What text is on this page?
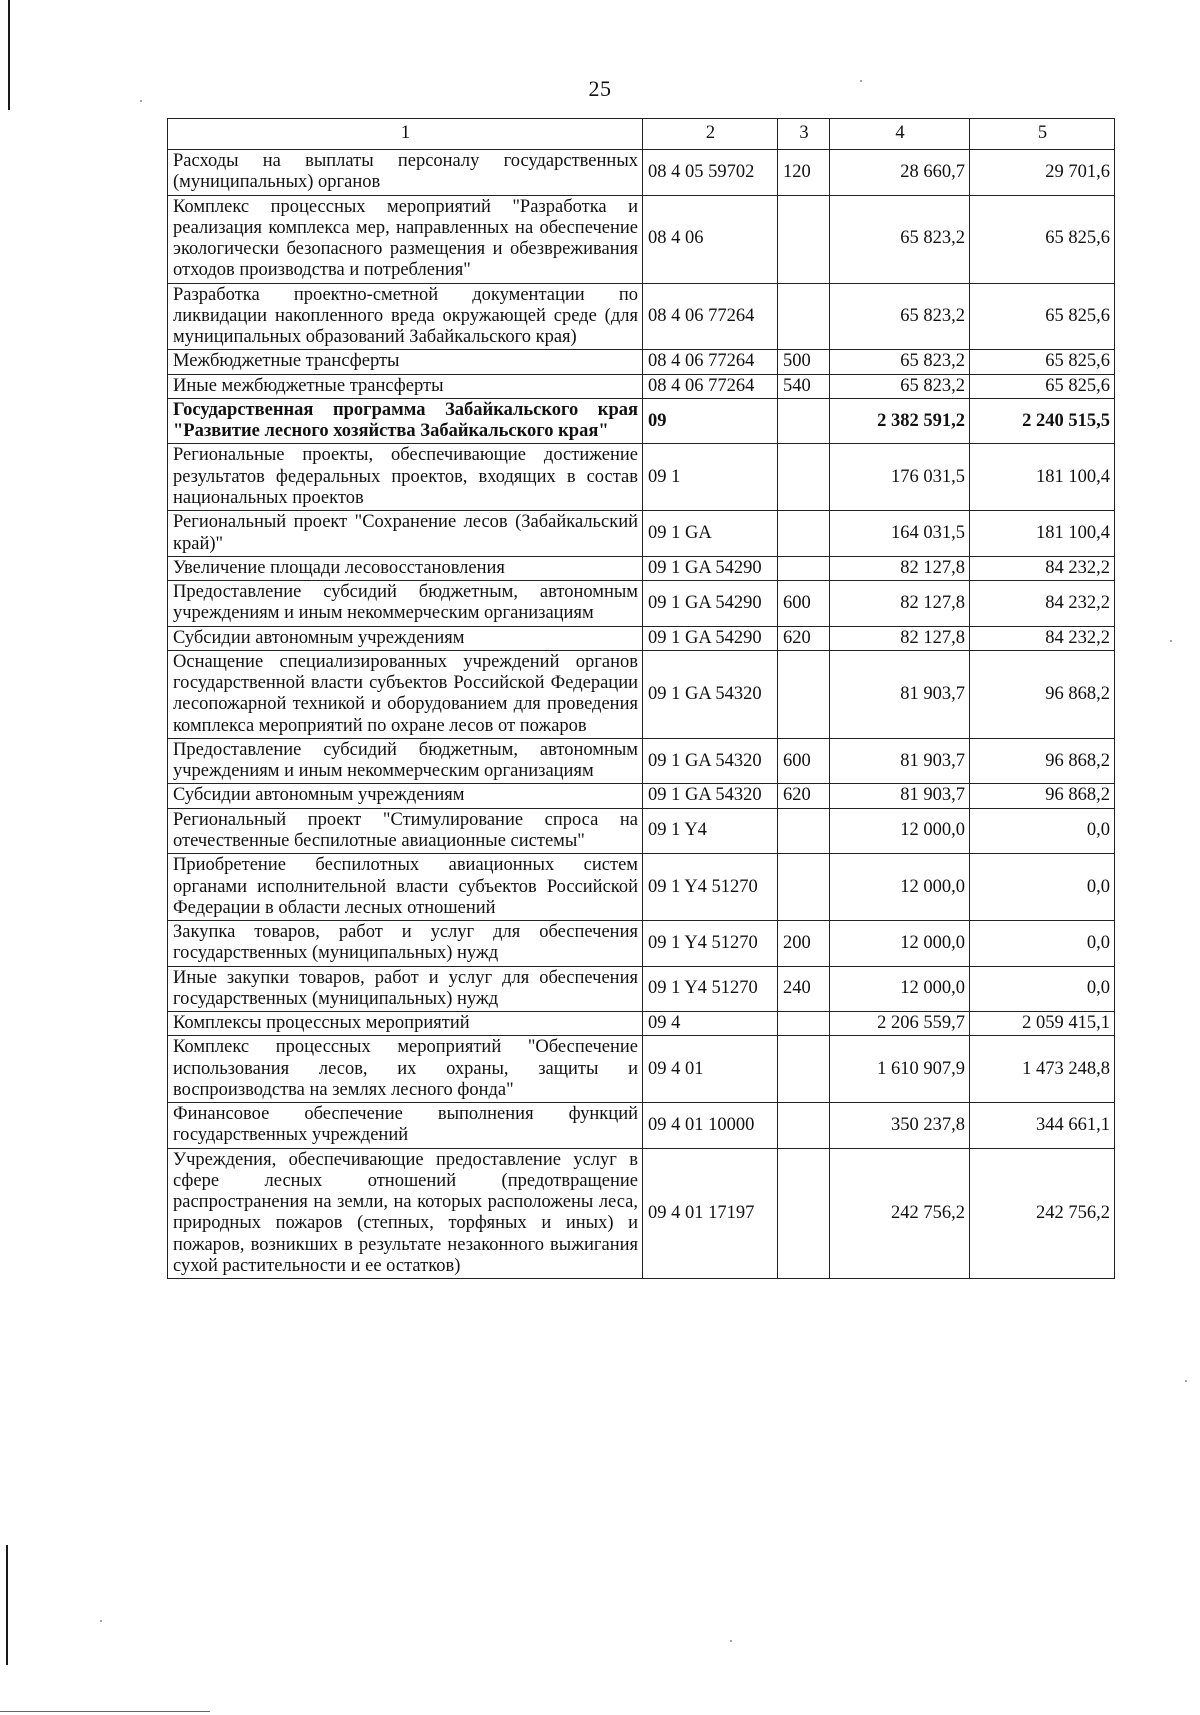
25
1	2	3	4	5
Расходы на выплаты персоналу государственных (муниципальных) органов	08 4 05 59702	120	28 660,7	29 701,6
Комплекс процессных мероприятий "Разработка и реализация комплекса мер, направленных на обеспечение экологически безопасного размещения и обезвреживания отходов производства и потребления"	08 4 06		65 823,2	65 825,6
Разработка проектно-сметной документации по ликвидации накопленного вреда окружающей среде (для муниципальных образований Забайкальского края)	08 4 06 77264		65 823,2	65 825,6
Межбюджетные трансферты	08 4 06 77264	500	65 823,2	65 825,6
Иные межбюджетные трансферты	08 4 06 77264	540	65 823,2	65 825,6
Государственная программа Забайкальского края "Развитие лесного хозяйства Забайкальского края"	09		2 382 591,2	2 240 515,5
Региональные проекты, обеспечивающие достижение результатов федеральных проектов, входящих в состав национальных проектов	09 1		176 031,5	181 100,4
Региональный проект "Сохранение лесов (Забайкальский край)"	09 1 GA		164 031,5	181 100,4
Увеличение площади лесовосстановления	09 1 GA 54290		82 127,8	84 232,2
Предоставление субсидий бюджетным, автономным учреждениям и иным некоммерческим организациям	09 1 GA 54290	600	82 127,8	84 232,2
Субсидии автономным учреждениям	09 1 GA 54290	620	82 127,8	84 232,2
Оснащение специализированных учреждений органов государственной власти субъектов Российской Федерации лесопожарной техникой и оборудованием для проведения комплекса мероприятий по охране лесов от пожаров	09 1 GA 54320		81 903,7	96 868,2
Предоставление субсидий бюджетным, автономным учреждениям и иным некоммерческим организациям	09 1 GA 54320	600	81 903,7	96 868,2
Субсидии автономным учреждениям	09 1 GA 54320	620	81 903,7	96 868,2
Региональный проект "Стимулирование спроса на отечественные беспилотные авиационные системы"	09 1 Y4		12 000,0	0,0
Приобретение беспилотных авиационных систем органами исполнительной власти субъектов Российской Федерации в области лесных отношений	09 1 Y4 51270		12 000,0	0,0
Закупка товаров, работ и услуг для обеспечения государственных (муниципальных) нужд	09 1 Y4 51270	200	12 000,0	0,0
Иные закупки товаров, работ и услуг для обеспечения государственных (муниципальных) нужд	09 1 Y4 51270	240	12 000,0	0,0
Комплексы процессных мероприятий	09 4		2 206 559,7	2 059 415,1
Комплекс процессных мероприятий "Обеспечение использования лесов, их охраны, защиты и воспроизводства на землях лесного фонда"	09 4 01		1 610 907,9	1 473 248,8
Финансовое обеспечение выполнения функций государственных учреждений	09 4 01 10000		350 237,8	344 661,1
Учреждения, обеспечивающие предоставление услуг в сфере лесных отношений (предотвращение распространения на земли, на которых расположены леса, природных пожаров (степных, торфяных и иных) и пожаров, возникших в результате незаконного выжигания сухой растительности и ее остатков)	09 4 01 17197		242 756,2	242 756,2
